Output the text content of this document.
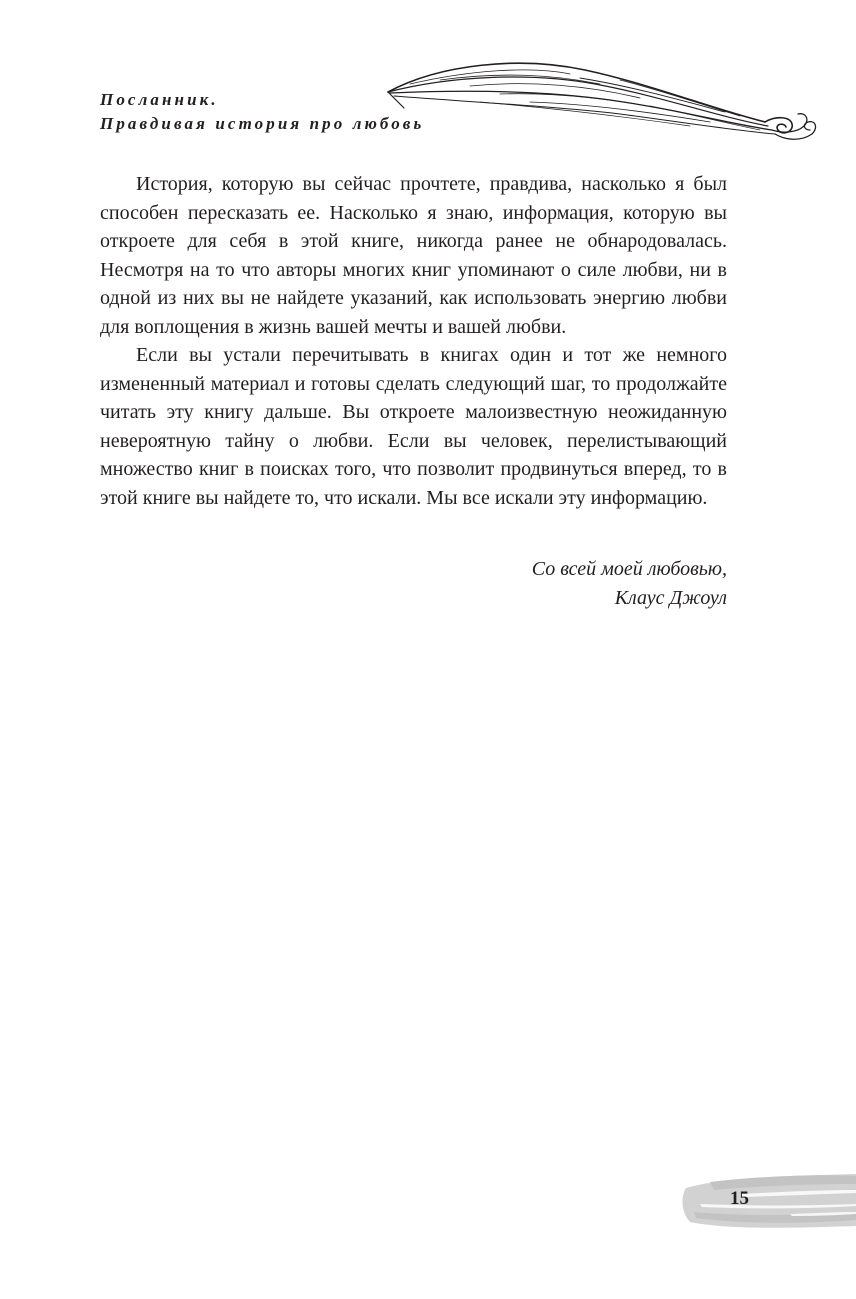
Посланник.
Правдивая история про любовь

История, которую вы сейчас прочтете, правдива, насколько я был способен пересказать ее. Насколько я знаю, информация, которую вы откроете для себя в этой книге, никогда ранее не обнародовалась. Несмотря на то что авторы многих книг упоминают о силе любви, ни в одной из них вы не найдете указаний, как использовать энергию любви для воплощения в жизнь вашей мечты и вашей любви.

Если вы устали перечитывать в книгах один и тот же немного измененный материал и готовы сделать следующий шаг, то продолжайте читать эту книгу дальше. Вы откроете малоизвестную неожиданную невероятную тайну о любви. Если вы человек, перелистывающий множество книг в поисках того, что позволит продвинуться вперед, то в этой книге вы найдете то, что искали. Мы все искали эту информацию.

Со всей моей любовью,
Клаус Джоул
15
